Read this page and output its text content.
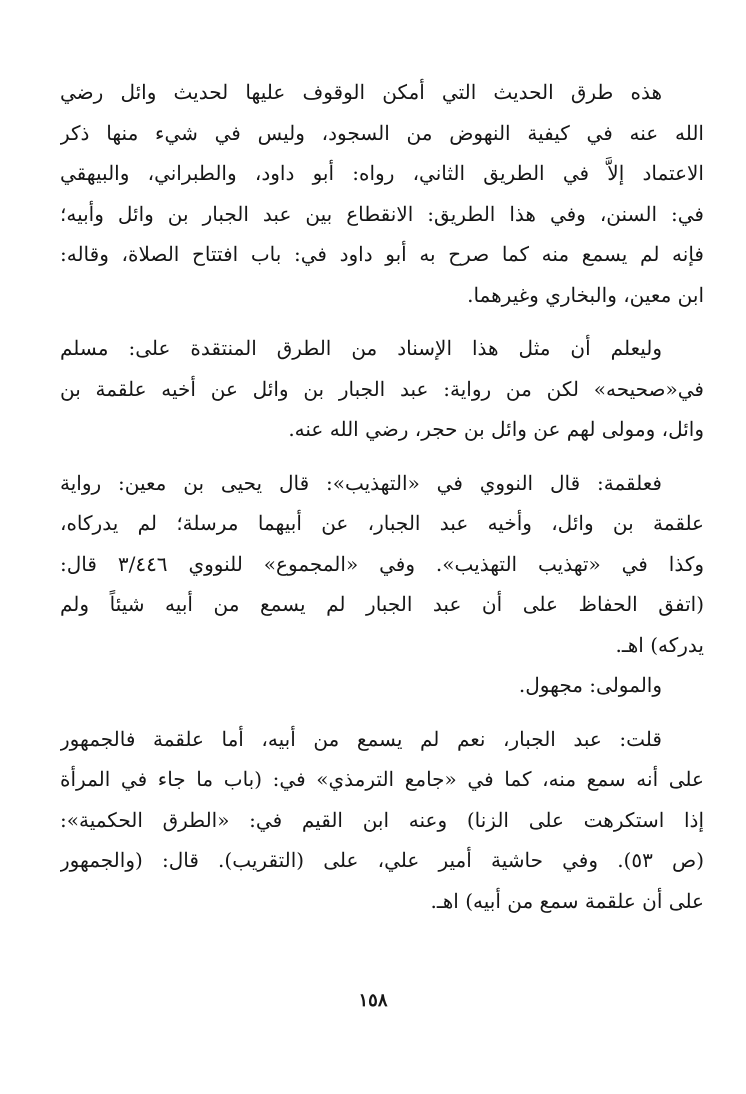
هذه طرق الحديث التي أمكن الوقوف عليها لحديث وائل رضي
الله عنه في كيفية النهوض من السجود، وليس في شيء منها ذكر
الاعتماد إلاَّ في الطريق الثاني، رواه: أبو داود، والطبراني، والبيهقي
في: السنن، وفي هذا الطريق: الانقطاع بين عبد الجبار بن وائل وأبيه؛
فإنه لم يسمع منه كما صرح به أبو داود في: باب افتتاح الصلاة، وقاله:
ابن معين، والبخاري وغيرهما.
وليعلم أن مثل هذا الإسناد من الطرق المنتقدة على: مسلم
في«صحيحه» لكن من رواية: عبد الجبار بن وائل عن أخيه علقمة بن
وائل، ومولى لهم عن وائل بن حجر، رضي الله عنه.
فعلقمة: قال النووي في «التهذيب»: قال يحيى بن معين: رواية
علقمة بن وائل، وأخيه عبد الجبار، عن أبيهما مرسلة؛ لم يدركاه،
وكذا في «تهذيب التهذيب». وفي «المجموع» للنووي ٣/٤٤٦ قال:
(اتفق الحفاظ على أن عبد الجبار لم يسمع من أبيه شيئاً ولم
يدركه) اهـ.
والمولى: مجهول.
قلت: عبد الجبار، نعم لم يسمع من أبيه، أما علقمة فالجمهور
على أنه سمع منه، كما في «جامع الترمذي» في: (باب ما جاء في المرأة
إذا استكرهت على الزنا) وعنه ابن القيم في: «الطرق الحكمية»:
(ص ٥٣). وفي حاشية أمير علي، على (التقريب). قال: (والجمهور
على أن علقمة سمع من أبيه) اهـ.
١٥٨
